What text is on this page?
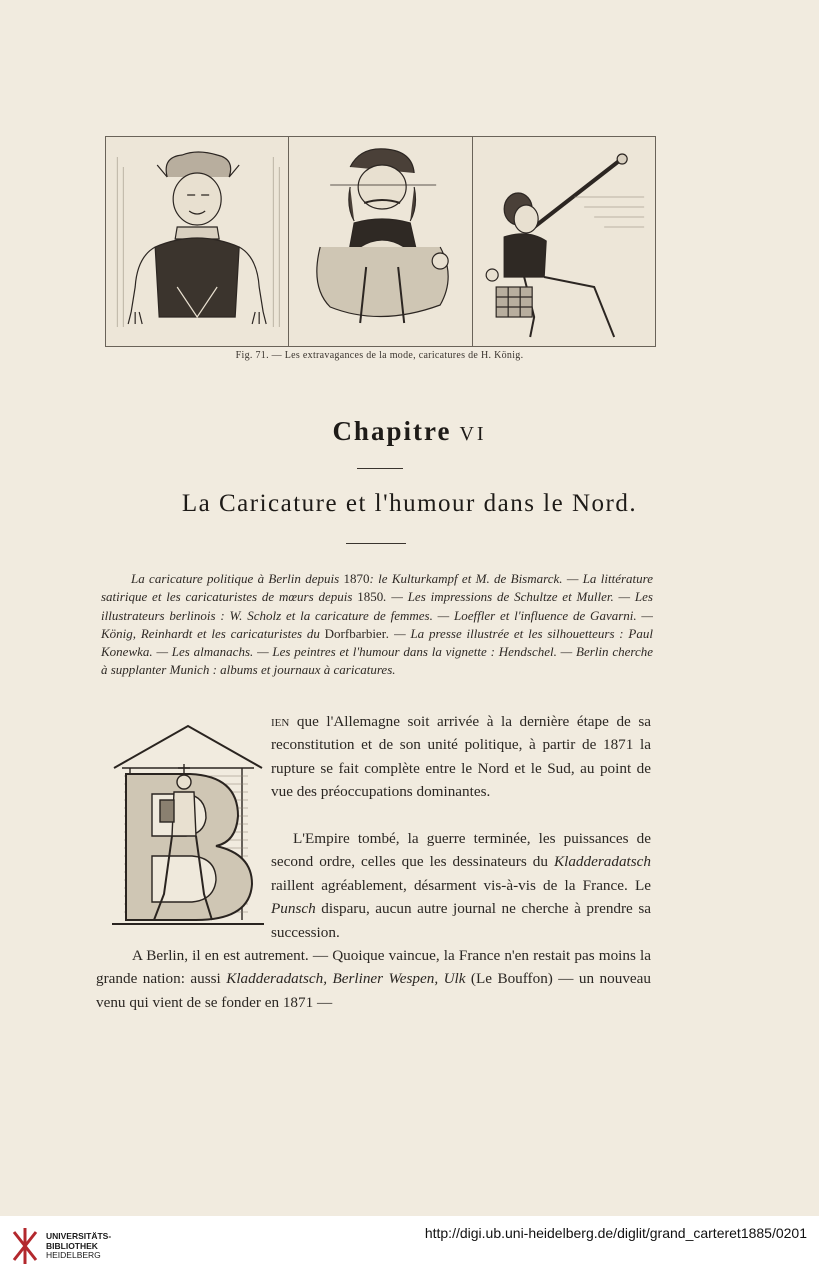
Fig. 71. — Les extravagances de la mode, caricatures de H. König.
Chapitre VI
La Caricature et l'humour dans le Nord.
La caricature politique à Berlin depuis 1870: le Kulturkampf et M. de Bismarck. — La littérature satirique et les caricaturistes de mœurs depuis 1850. — Les impressions de Schultze et Muller. — Les illustrateurs berlinois : W. Scholz et la caricature de femmes. — Loeffler et l'influence de Gavarni. — König, Reinhardt et les caricaturistes du Dorfbarbier. — La presse illustrée et les silhouetteurs : Paul Konewka. — Les almanachs. — Les peintres et l'humour dans la vignette : Hendschel. — Berlin cherche à supplanter Munich : albums et journaux à caricatures.
ien que l'Allemagne soit arrivée à la dernière étape de sa reconstitution et de son unité politique, à partir de 1871 la rupture se fait complète entre le Nord et le Sud, au point de vue des préoccupations dominantes.
L'Empire tombé, la guerre terminée, les puissances de second ordre, celles que les dessinateurs du Kladderadatsch raillent agréablement, désarment vis-à-vis de la France. Le Punsch disparu, aucun autre journal ne cherche à prendre sa succession.
A Berlin, il en est autrement. — Quoique vaincue, la France n'en restait pas moins la grande nation: aussi Kladderadatsch, Berliner Wespen, Ulk (Le Bouffon) — un nouveau venu qui vient de se fonder en 1871 —
UNIVERSITÄTS-
BIBLIOTHEK
HEIDELBERG
http://digi.ub.uni-heidelberg.de/diglit/grand_carteret1885/0201
